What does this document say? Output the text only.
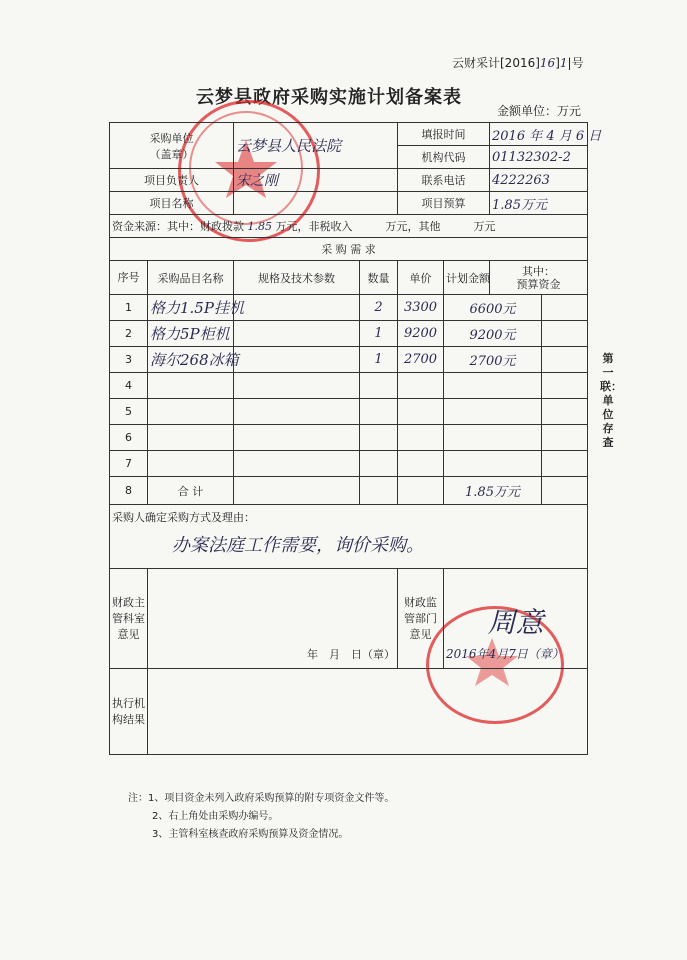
云财采计[2016]16]1|号
云梦县政府采购实施计划备案表
金额单位：万元
采购单位
（盖章）		云梦县人民法院		填报时间		2016 年 4 月 6 日	
				机构代码		01132302-2	
项目负责人		宋之刚		联系电话		4222263	
项目名称				项目预算		1.85万元	
资金来源：其中：财政拨款 1.85 万元，非税收入 万元，其他 万元							
采 购 需 求							
序号	采购品目名称	规格及技术参数	数量	单价	计划金额	其中：
预算资金	
1	格力1.5P挂机		2	3300	6600元		
2	格力5P柜机		1	9200	9200元		
3	海尔268冰箱		1	2700	2700元		
4							
5							
6							
7							
8	合 计				1.85万元		

采购人确定采购方式及理由：
办案法庭工作需要，询价采购。							

财政主管科室意见	年　月　日（章）			财政监管部门意见	周意
2016年4月7日（章）		
执行机构结果							
第一联：单位存查
注：1、项目资金未列入政府采购预算的附专项资金文件等。
2、右上角处由采购办编号。
3、主管科室核查政府采购预算及资金情况。
